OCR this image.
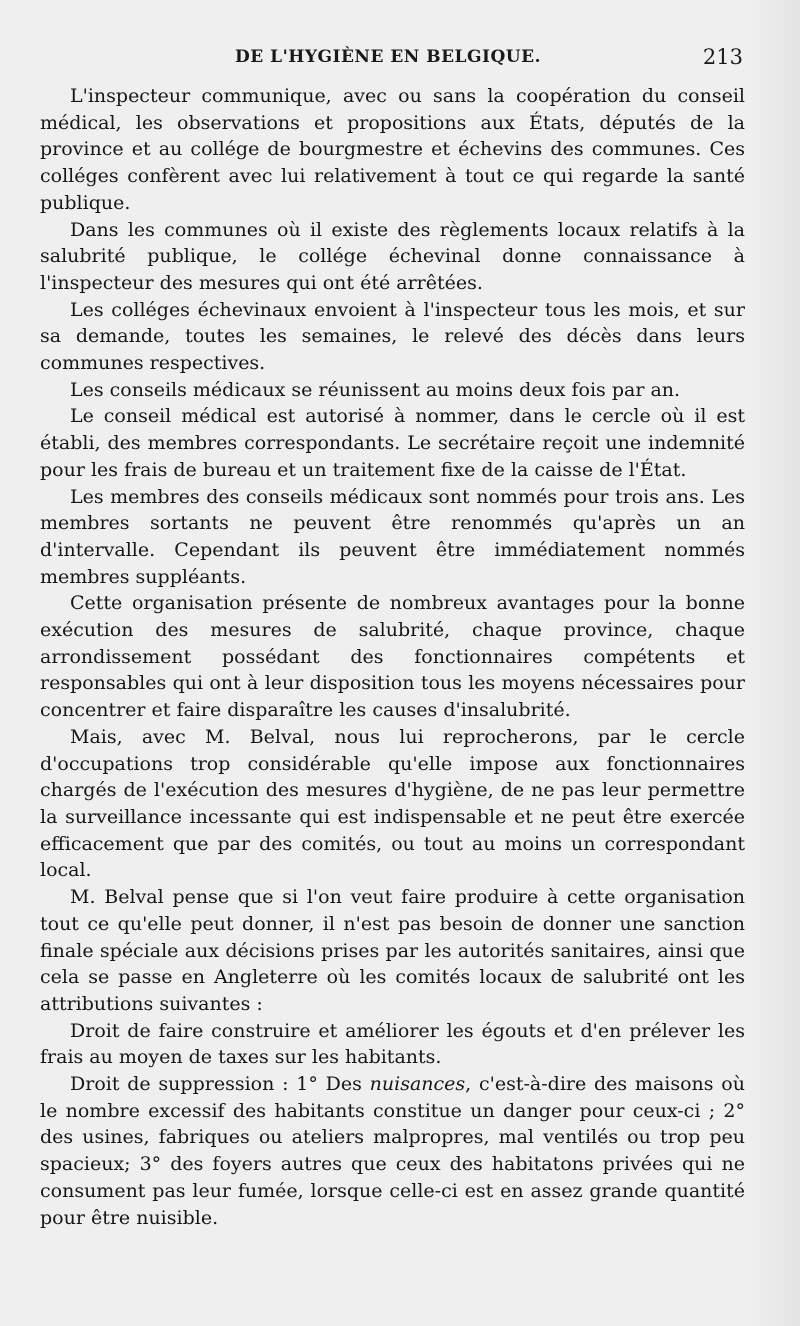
DE L'HYGIÈNE EN BELGIQUE.	213

L'inspecteur communique, avec ou sans la coopération du conseil médical, les observations et propositions aux États, députés de la province et au collége de bourgmestre et échevins des communes. Ces colléges confèrent avec lui relativement à tout ce qui regarde la santé publique.

Dans les communes où il existe des règlements locaux relatifs à la salubrité publique, le collége échevinal donne connaissance à l'inspecteur des mesures qui ont été arrêtées.

Les colléges échevinaux envoient à l'inspecteur tous les mois, et sur sa demande, toutes les semaines, le relevé des décès dans leurs communes respectives.

Les conseils médicaux se réunissent au moins deux fois par an.

Le conseil médical est autorisé à nommer, dans le cercle où il est établi, des membres correspondants. Le secrétaire reçoit une indemnité pour les frais de bureau et un traitement fixe de la caisse de l'État.

Les membres des conseils médicaux sont nommés pour trois ans. Les membres sortants ne peuvent être renommés qu'après un an d'intervalle. Cependant ils peuvent être immédiatement nommés membres suppléants.

Cette organisation présente de nombreux avantages pour la bonne exécution des mesures de salubrité, chaque province, chaque arrondissement possédant des fonctionnaires compétents et responsables qui ont à leur disposition tous les moyens nécessaires pour concentrer et faire disparaître les causes d'insalubrité.

Mais, avec M. Belval, nous lui reprocherons, par le cercle d'occupations trop considérable qu'elle impose aux fonctionnaires chargés de l'exécution des mesures d'hygiène, de ne pas leur permettre la surveillance incessante qui est indispensable et ne peut être exercée efficacement que par des comités, ou tout au moins un correspondant local.

M. Belval pense que si l'on veut faire produire à cette organisation tout ce qu'elle peut donner, il n'est pas besoin de donner une sanction finale spéciale aux décisions prises par les autorités sanitaires, ainsi que cela se passe en Angleterre où les comités locaux de salubrité ont les attributions suivantes :

Droit de faire construire et améliorer les égouts et d'en prélever les frais au moyen de taxes sur les habitants.

Droit de suppression : 1° Des nuisances, c'est-à-dire des maisons où le nombre excessif des habitants constitue un danger pour ceux-ci ; 2° des usines, fabriques ou ateliers malpropres, mal ventilés ou trop peu spacieux; 3° des foyers autres que ceux des habitatons privées qui ne consument pas leur fumée, lorsque celle-ci est en assez grande quantité pour être nuisible.
